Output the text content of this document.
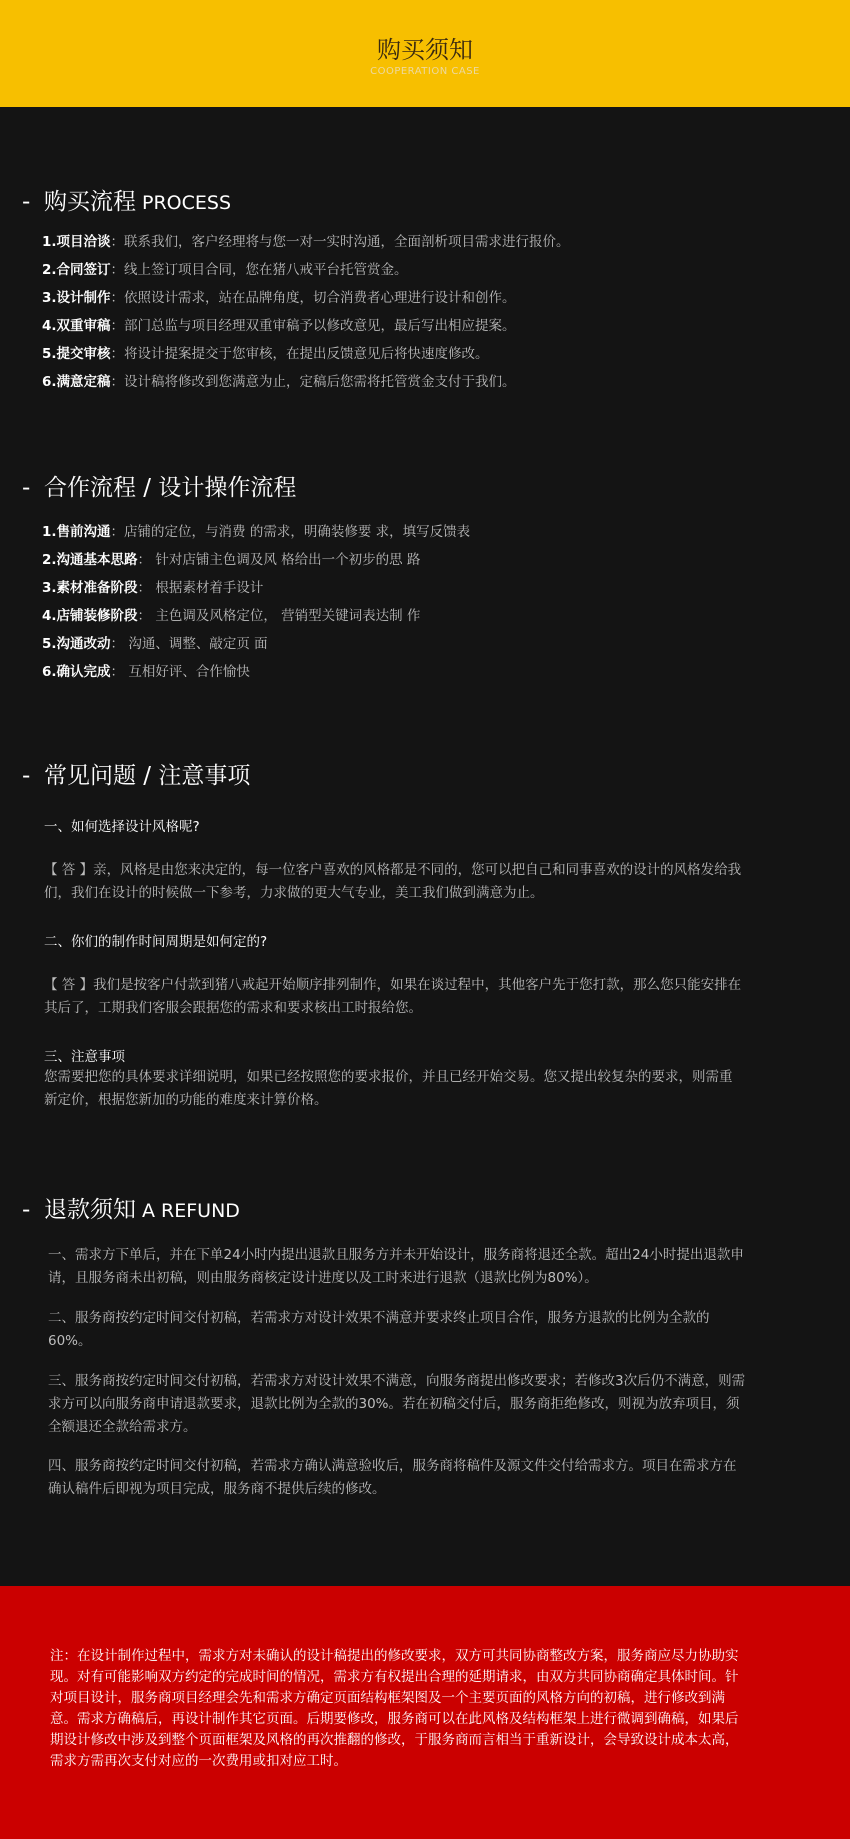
购买须知
COOPERATION CASE
- 购买流程 PROCESS
1.项目洽谈：联系我们，客户经理将与您一对一实时沟通，全面剖析项目需求进行报价。
2.合同签订：线上签订项目合同，您在猪八戒平台托管赏金。
3.设计制作：依照设计需求，站在品牌角度，切合消费者心理进行设计和创作。
4.双重审稿：部门总监与项目经理双重审稿予以修改意见，最后写出相应提案。
5.提交审核：将设计提案提交于您审核，在提出反馈意见后将快速度修改。
6.满意定稿：设计稿将修改到您满意为止，定稿后您需将托管赏金支付于我们。
- 合作流程 / 设计操作流程
1.售前沟通：店铺的定位，与消费 的需求，明确装修要 求，填写反馈表
2.沟通基本思路： 针对店铺主色调及风 格给出一个初步的思 路
3.素材准备阶段： 根据素材着手设计
4.店铺装修阶段： 主色调及风格定位， 营销型关键词表达制 作
5.沟通改动： 沟通、调整、敲定页 面
6.确认完成： 互相好评、合作愉快
- 常见问题 / 注意事项
一、如何选择设计风格呢?
【 答 】亲，风格是由您来决定的，每一位客户喜欢的风格都是不同的，您可以把自己和同事喜欢的设计的风格发给我们，我们在设计的时候做一下参考，力求做的更大气专业，美工我们做到满意为止。
二、你们的制作时间周期是如何定的?
【 答 】我们是按客户付款到猪八戒起开始顺序排列制作，如果在谈过程中，其他客户先于您打款，那么您只能安排在其后了，工期我们客服会跟据您的需求和要求核出工时报给您。
三、注意事项
您需要把您的具体要求详细说明，如果已经按照您的要求报价，并且已经开始交易。您又提出较复杂的要求，则需重新定价，根据您新加的功能的难度来计算价格。
- 退款须知 A REFUND
一、需求方下单后，并在下单24小时内提出退款且服务方并未开始设计，服务商将退还全款。超出24小时提出退款申请，且服务商未出初稿，则由服务商核定设计进度以及工时来进行退款（退款比例为80%）。
二、服务商按约定时间交付初稿，若需求方对设计效果不满意并要求终止项目合作，服务方退款的比例为全款的60%。
三、服务商按约定时间交付初稿，若需求方对设计效果不满意，向服务商提出修改要求；若修改3次后仍不满意，则需求方可以向服务商申请退款要求，退款比例为全款的30%。若在初稿交付后，服务商拒绝修改，则视为放弃项目，须全额退还全款给需求方。
四、服务商按约定时间交付初稿，若需求方确认满意验收后，服务商将稿件及源文件交付给需求方。项目在需求方在确认稿件后即视为项目完成，服务商不提供后续的修改。
注：在设计制作过程中，需求方对未确认的设计稿提出的修改要求，双方可共同协商整改方案，服务商应尽力协助实现。对有可能影响双方约定的完成时间的情况，需求方有权提出合理的延期请求，由双方共同协商确定具体时间。针对项目设计，服务商项目经理会先和需求方确定页面结构框架图及一个主要页面的风格方向的初稿，进行修改到满意。需求方确稿后，再设计制作其它页面。后期要修改，服务商可以在此风格及结构框架上进行微调到确稿，如果后期设计修改中涉及到整个页面框架及风格的再次推翻的修改，于服务商而言相当于重新设计，会导致设计成本太高，需求方需再次支付对应的一次费用或扣对应工时。
